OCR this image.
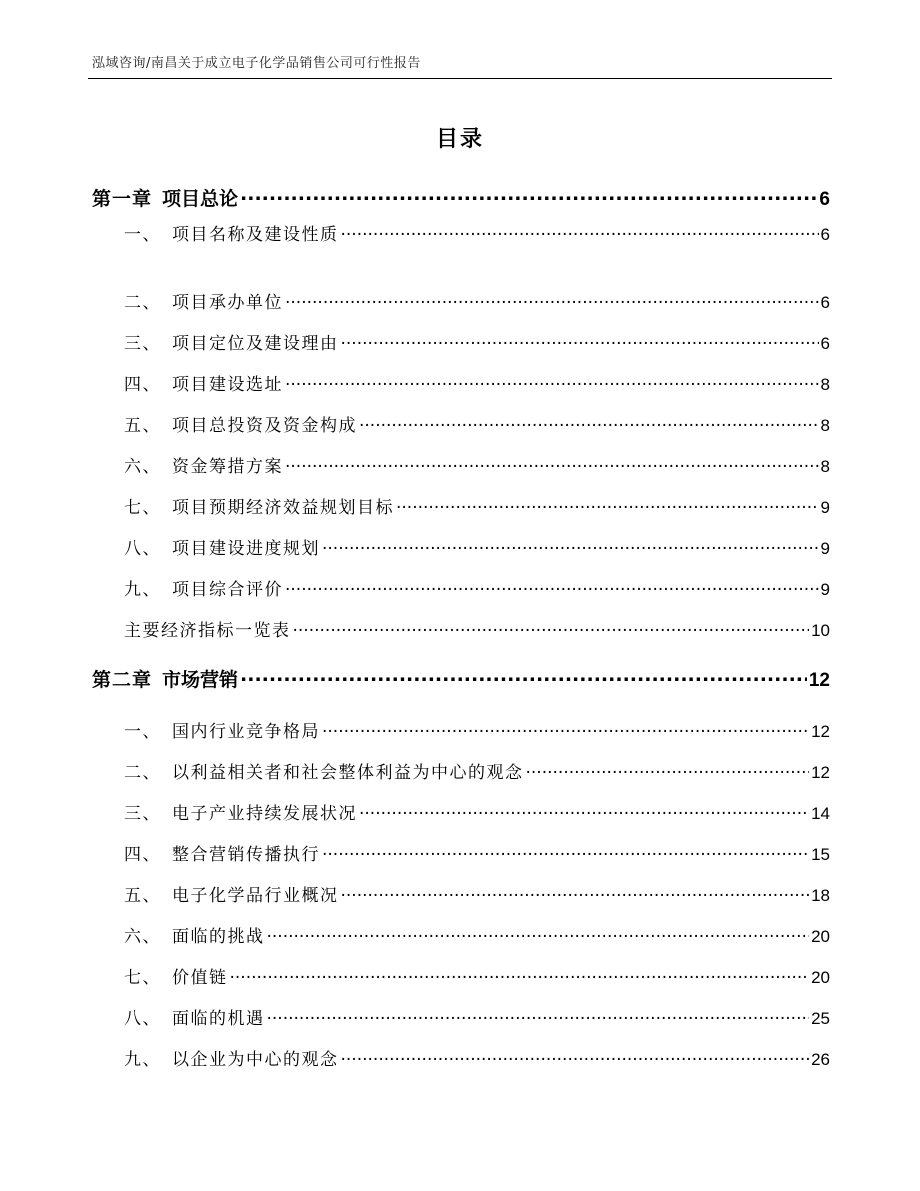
泓域咨询/南昌关于成立电子化学品销售公司可行性报告
目录
第一章 项目总论 .....	6
一、 项目名称及建设性质 .....	6
二、 项目承办单位 .....	6
三、 项目定位及建设理由 .....	6
四、 项目建设选址 .....	8
五、 项目总投资及资金构成 .....	8
六、 资金筹措方案 .....	8
七、 项目预期经济效益规划目标 .....	9
八、 项目建设进度规划 .....	9
九、 项目综合评价 .....	9
主要经济指标一览表 .....	10
第二章 市场营销 .....	12
一、 国内行业竞争格局 .....	12
二、 以利益相关者和社会整体利益为中心的观念 .....	12
三、 电子产业持续发展状况 .....	14
四、 整合营销传播执行 .....	15
五、 电子化学品行业概况 .....	18
六、 面临的挑战 .....	20
七、 价值链 .....	20
八、 面临的机遇 .....	25
九、 以企业为中心的观念 .....	26
